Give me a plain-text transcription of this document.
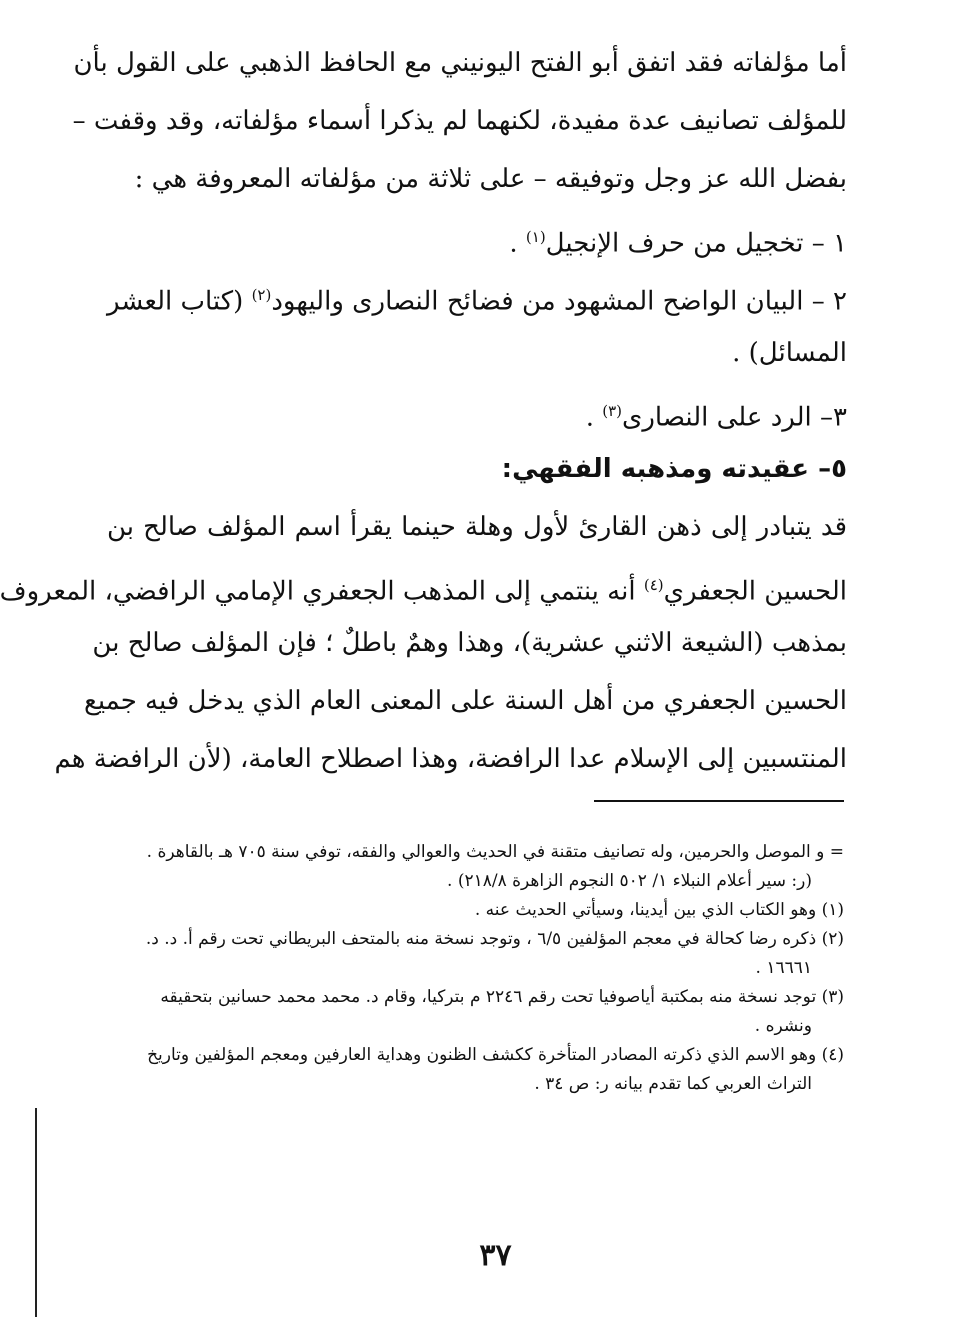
أما مؤلفاته فقد اتفق أبو الفتح اليونيني مع الحافظ الذهبي على القول بأن
للمؤلف تصانيف عدة مفيدة، لكنهما لم يذكرا أسماء مؤلفاته، وقد وقفت –
بفضل الله عز وجل وتوفيقه – على ثلاثة من مؤلفاته المعروفة هي :
١ – تخجيل من حرف الإنجيل$^{(١)}$ .
٢ – البيان الواضح المشهود من فضائح النصارى واليهود$^{(٢)}$ (كتاب العشر
المسائل) .
٣– الرد على النصارى$^{(٣)}$ .
٥– عقيدته ومذهبه الفقهي:
قد يتبادر إلى ذهن القارئ لأول وهلة حينما يقرأ اسم المؤلف صالح بن
الحسين الجعفري$^{(٤)}$ أنه ينتمي إلى المذهب الجعفري الإمامي الرافضي، المعروف
بمذهب (الشيعة الاثني عشرية)، وهذا وهمٌ باطلٌ ؛ فإن المؤلف صالح بن
الحسين الجعفري من أهل السنة على المعنى العام الذي يدخل فيه جميع
المنتسبين إلى الإسلام عدا الرافضة، وهذا اصطلاح العامة، (لأن الرافضة هم
= و الموصل والحرمين، وله تصانيف متقنة في الحديث والعوالي والفقه، توفي سنة ٧٠٥ هـ بالقاهرة .
(ر: سير أعلام النبلاء ١/ ٥٠٢ النجوم الزاهرة ٢١٨/٨) .
(١) وهو الكتاب الذي بين أيدينا، وسيأتي الحديث عنه .
(٢) ذكره رضا كحالة في معجم المؤلفين ٦/٥ ، وتوجد نسخة منه بالمتحف البريطاني تحت رقم أ. د. د.
١٦٦٦١ .
(٣) توجد نسخة منه بمكتبة أياصوفيا تحت رقم ٢٢٤٦ م بتركيا، وقام د. محمد محمد حسانين بتحقيقه
ونشره .
(٤) وهو الاسم الذي ذكرته المصادر المتأخرة ككشف الظنون وهداية العارفين ومعجم المؤلفين وتاريخ
التراث العربي كما تقدم بيانه ر: ص ٣٤ .
٣٧
